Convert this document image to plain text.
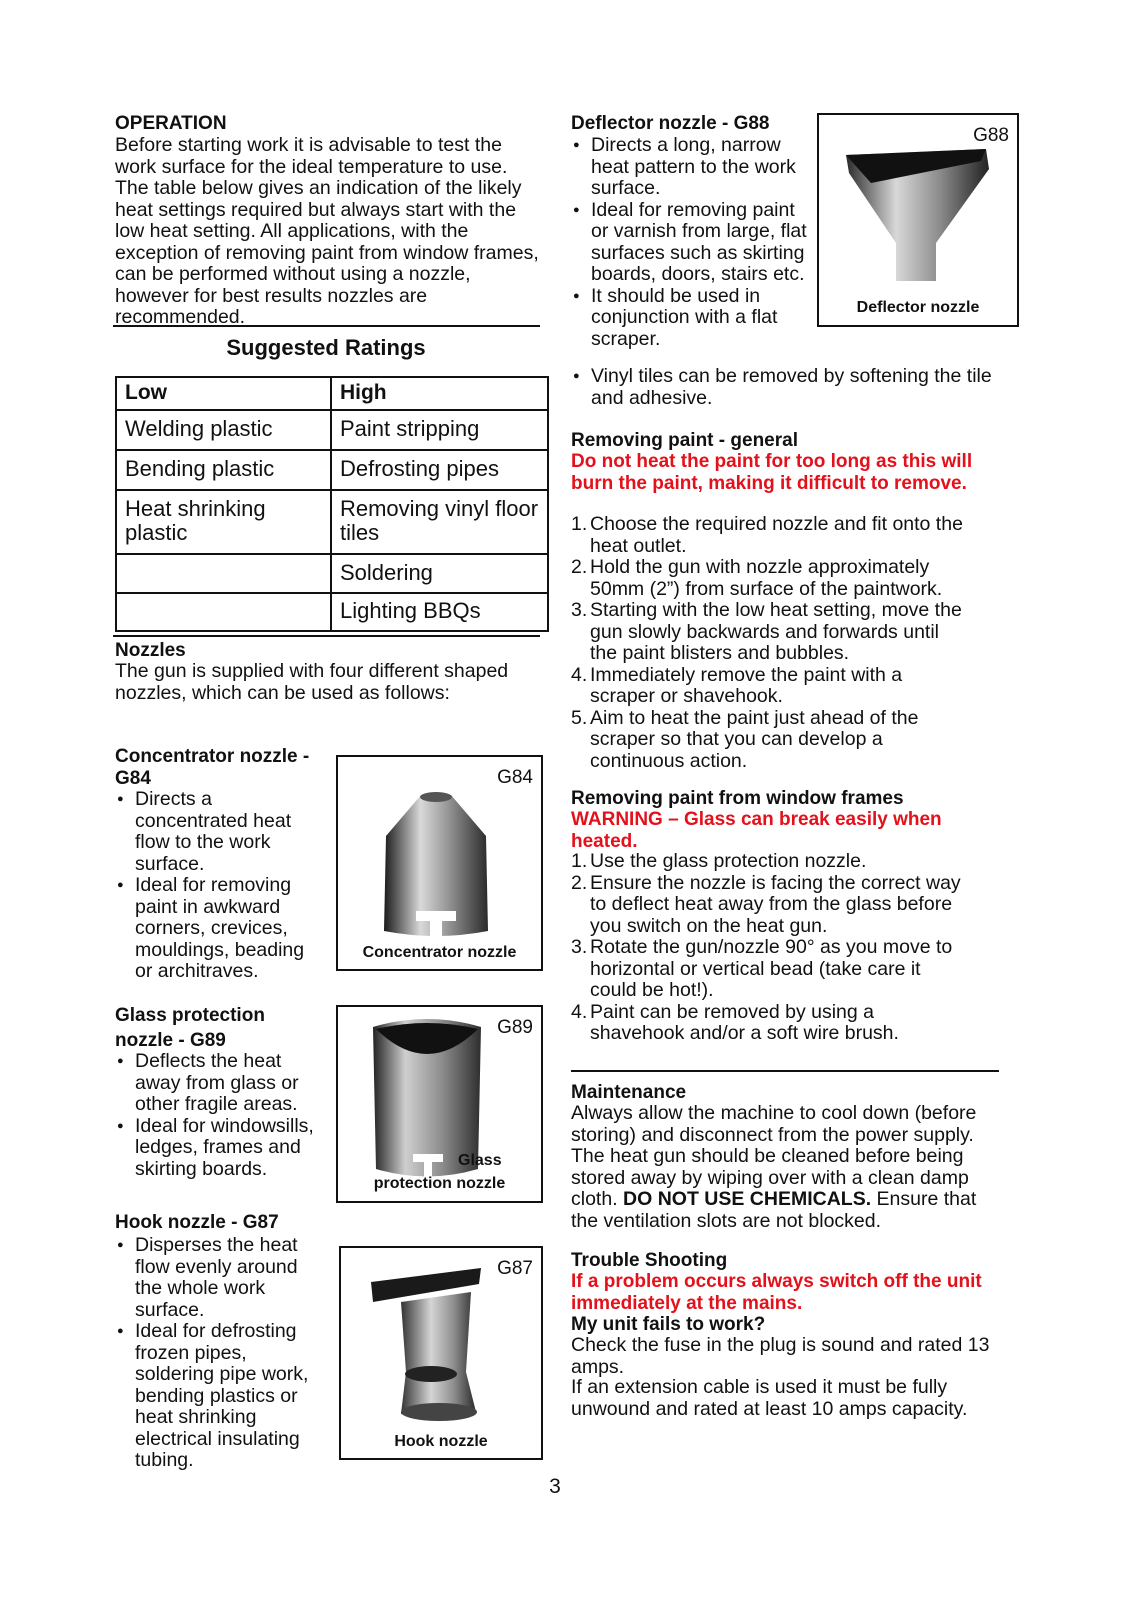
OPERATION
Before starting work it is advisable to test the work surface for the ideal temperature to use. The table below gives an indication of the likely heat settings required but always start with the low heat setting. All applications, with the exception of removing paint from window frames, can be performed without using a nozzle, however for best results nozzles are recommended.
Suggested Ratings
Low	High
Welding plastic	Paint stripping
Bending plastic	Defrosting pipes
Heat shrinking plastic	Removing vinyl floor tiles
	Soldering
	Lighting BBQs
Nozzles
The gun is supplied with four different shaped nozzles, which can be used as follows:
Concentrator nozzle -
G84
● Directs a concentrated heat flow to the work surface.
● Ideal for removing paint in awkward corners, crevices, mouldings, beading or architraves.
G84
Concentrator nozzle
Glass protection
nozzle - G89
● Deflects the heat away from glass or other fragile areas.
● Ideal for windowsills, ledges, frames and skirting boards.
G89
Glass
protection nozzle
Hook nozzle - G87
● Disperses the heat flow evenly around the whole work surface.
● Ideal for defrosting frozen pipes, soldering pipe work, bending plastics or heat shrinking electrical insulating tubing.
G87
Hook nozzle
Deflector nozzle - G88
● Directs a long, narrow heat pattern to the work surface.
● Ideal for removing paint or varnish from large, flat surfaces such as skirting boards, doors, stairs etc.
● It should be used in conjunction with a flat scraper.
● Vinyl tiles can be removed by softening the tile and adhesive.
G88
Deflector nozzle
Removing paint - general
Do not heat the paint for too long as this will burn the paint, making it difficult to remove.
1. Choose the required nozzle and fit onto the heat outlet.
2. Hold the gun with nozzle approximately 50mm (2”) from surface of the paintwork.
3. Starting with the low heat setting, move the gun slowly backwards and forwards until the paint blisters and bubbles.
4. Immediately remove the paint with a scraper or shavehook.
5. Aim to heat the paint just ahead of the scraper so that you can develop a continuous action.
Removing paint from window frames
WARNING – Glass can break easily when heated.
1. Use the glass protection nozzle.
2. Ensure the nozzle is facing the correct way to deflect heat away from the glass before you switch on the heat gun.
3. Rotate the gun/nozzle 90° as you move to horizontal or vertical bead (take care it could be hot!).
4. Paint can be removed by using a shavehook and/or a soft wire brush.
Maintenance
Always allow the machine to cool down (before storing) and disconnect from the power supply. The heat gun should be cleaned before being stored away by wiping over with a clean damp cloth. DO NOT USE CHEMICALS. Ensure that the ventilation slots are not blocked.
Trouble Shooting
If a problem occurs always switch off the unit immediately at the mains.
My unit fails to work?
Check the fuse in the plug is sound and rated 13 amps.
If an extension cable is used it must be fully unwound and rated at least 10 amps capacity.
3
